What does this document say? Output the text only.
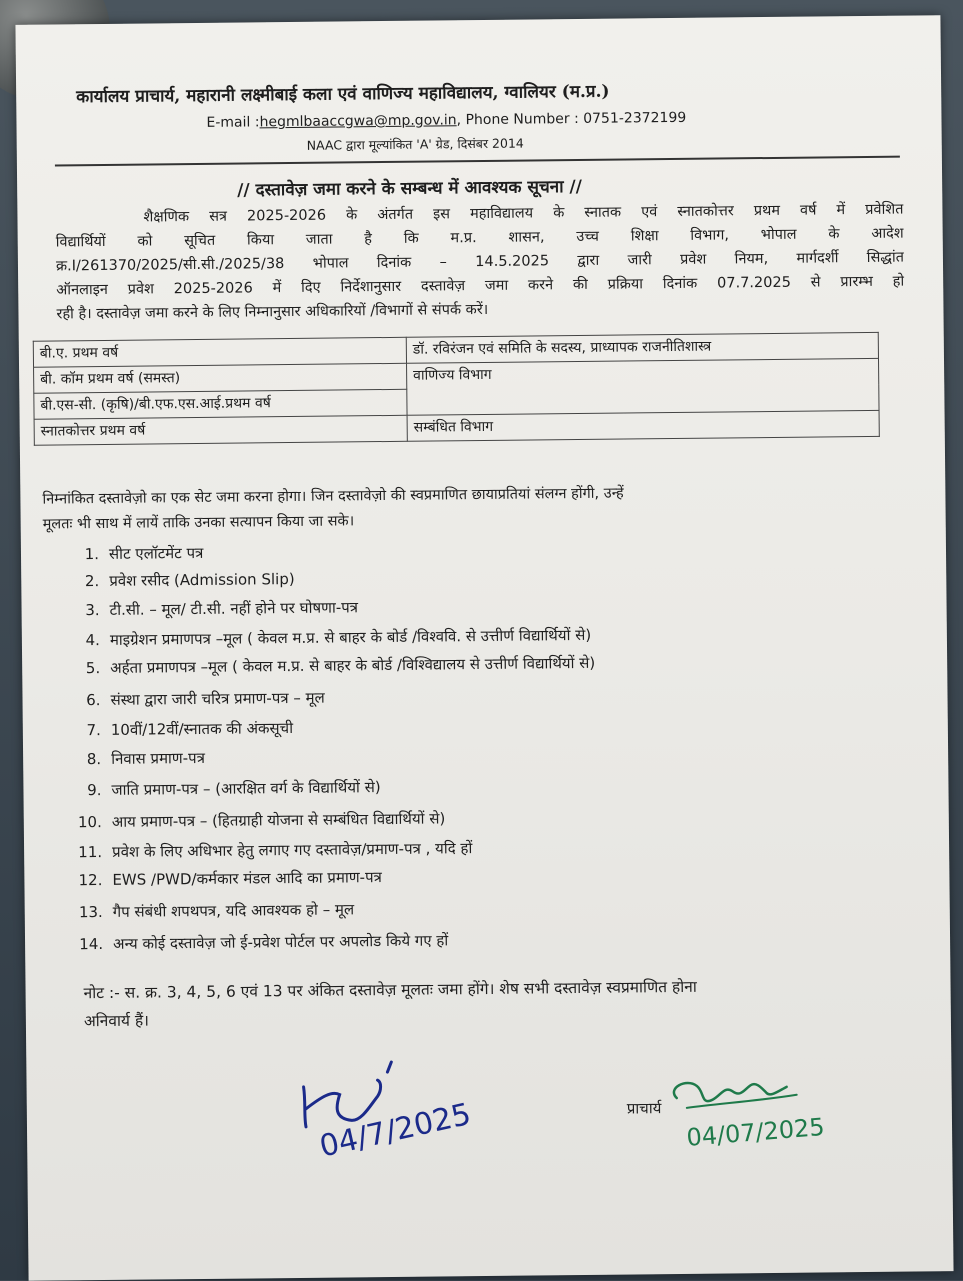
कार्यालय प्राचार्य, महारानी लक्ष्मीबाई कला एवं वाणिज्य महाविद्यालय, ग्वालियर (म.प्र.)
E-mail :hegmlbaaccgwa@mp.gov.in, Phone Number : 0751-2372199
NAAC द्वारा मूल्यांकित 'A' ग्रेड, दिसंबर 2014
// दस्तावेज़ जमा करने के सम्बन्ध में आवश्यक सूचना //
शैक्षणिक सत्र 2025-2026 के अंतर्गत इस महाविद्यालय के स्नातक एवं स्नातकोत्तर प्रथम वर्ष में प्रवेशित
विद्यार्थियों को सूचित किया जाता है कि म.प्र. शासन, उच्च शिक्षा विभाग, भोपाल के आदेश
क्र.I/261370/2025/सी.सी./2025/38 भोपाल दिनांक – 14.5.2025 द्वारा जारी प्रवेश नियम, मार्गदर्शी सिद्धांत
ऑनलाइन प्रवेश 2025-2026 में दिए निर्देशानुसार दस्तावेज़ जमा करने की प्रक्रिया दिनांक 07.7.2025 से प्रारम्भ हो
रही है। दस्तावेज़ जमा करने के लिए निम्नानुसार अधिकारियों /विभागों से संपर्क करें।
बी.ए. प्रथम वर्ष	डॉ. रविरंजन एवं समिति के सदस्य, प्राध्यापक राजनीतिशास्त्र
बी. कॉम प्रथम वर्ष (समस्त)	वाणिज्य विभाग
बी.एस-सी. (कृषि)/बी.एफ.एस.आई.प्रथम वर्ष	
स्नातकोत्तर प्रथम वर्ष	सम्बंधित विभाग
निम्नांकित दस्तावेज़ो का एक सेट जमा करना होगा। जिन दस्तावेज़ो की स्वप्रमाणित छायाप्रतियां संलग्न होंगी, उन्हें
मूलतः भी साथ में लायें ताकि उनका सत्यापन किया जा सके।
1. सीट एलॉटमेंट पत्र
2. प्रवेश रसीद (Admission Slip)
3. टी.सी. – मूल/ टी.सी. नहीं होने पर घोषणा-पत्र
4. माइग्रेशन प्रमाणपत्र –मूल ( केवल म.प्र. से बाहर के बोर्ड /विश्ववि. से उत्तीर्ण विद्यार्थियों से)
5. अर्हता प्रमाणपत्र –मूल ( केवल म.प्र. से बाहर के बोर्ड /विश्विद्यालय से उत्तीर्ण विद्यार्थियों से)
6. संस्था द्वारा जारी चरित्र प्रमाण-पत्र – मूल
7. 10वीं/12वीं/स्नातक की अंकसूची
8. निवास प्रमाण-पत्र
9. जाति प्रमाण-पत्र – (आरक्षित वर्ग के विद्यार्थियों से)
10. आय प्रमाण-पत्र – (हितग्राही योजना से सम्बंधित विद्यार्थियों से)
11. प्रवेश के लिए अधिभार हेतु लगाए गए दस्तावेज़/प्रमाण-पत्र , यदि हों
12. EWS /PWD/कर्मकार मंडल आदि का प्रमाण-पत्र
13. गैप संबंधी शपथपत्र, यदि आवश्यक हो – मूल
14. अन्य कोई दस्तावेज़ जो ई-प्रवेश पोर्टल पर अपलोड किये गए हों
नोट :- स. क्र. 3, 4, 5, 6 एवं 13 पर अंकित दस्तावेज़ मूलतः जमा होंगे। शेष सभी दस्तावेज़ स्वप्रमाणित होना
अनिवार्य हैं।
04/7/2025	प्राचार्य
04/07/2025
